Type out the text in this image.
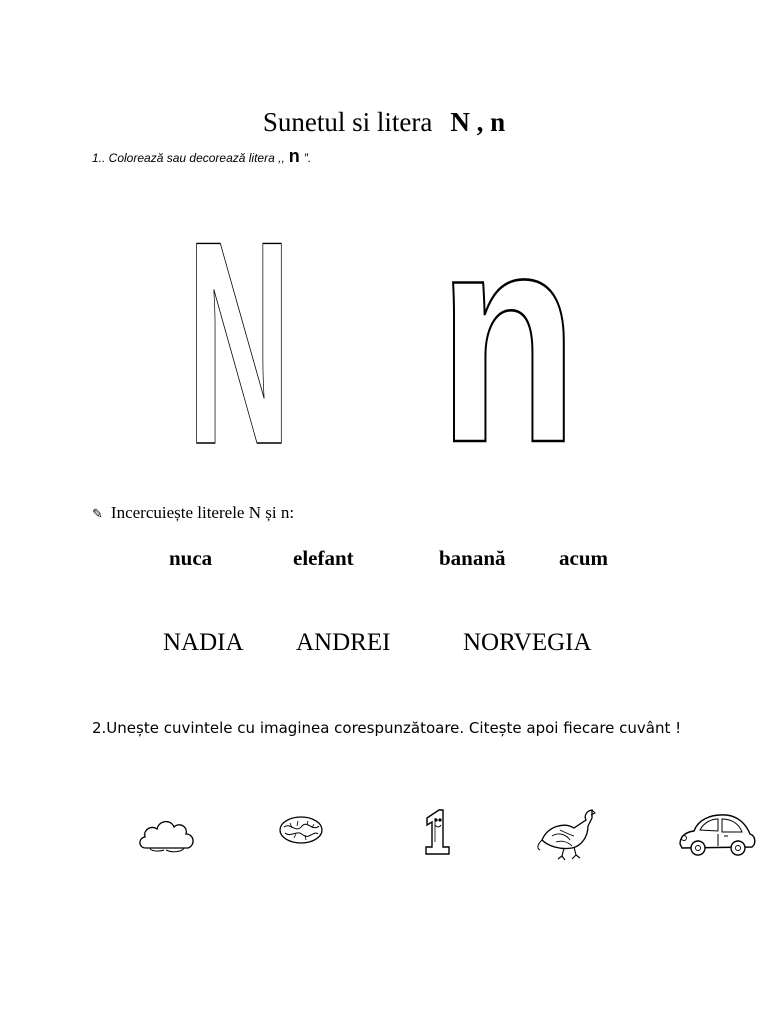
Sunetul si litera N , n
1.. Colorează sau decorează litera ,, n ″.
N n
✎ Incercuiește literele N și n:
nuca	elefant	banană	acum
NADIA ANDREI	NORVEGIA
2.Unește cuvintele cu imaginea corespunzătoare. Citește apoi fiecare cuvânt !
